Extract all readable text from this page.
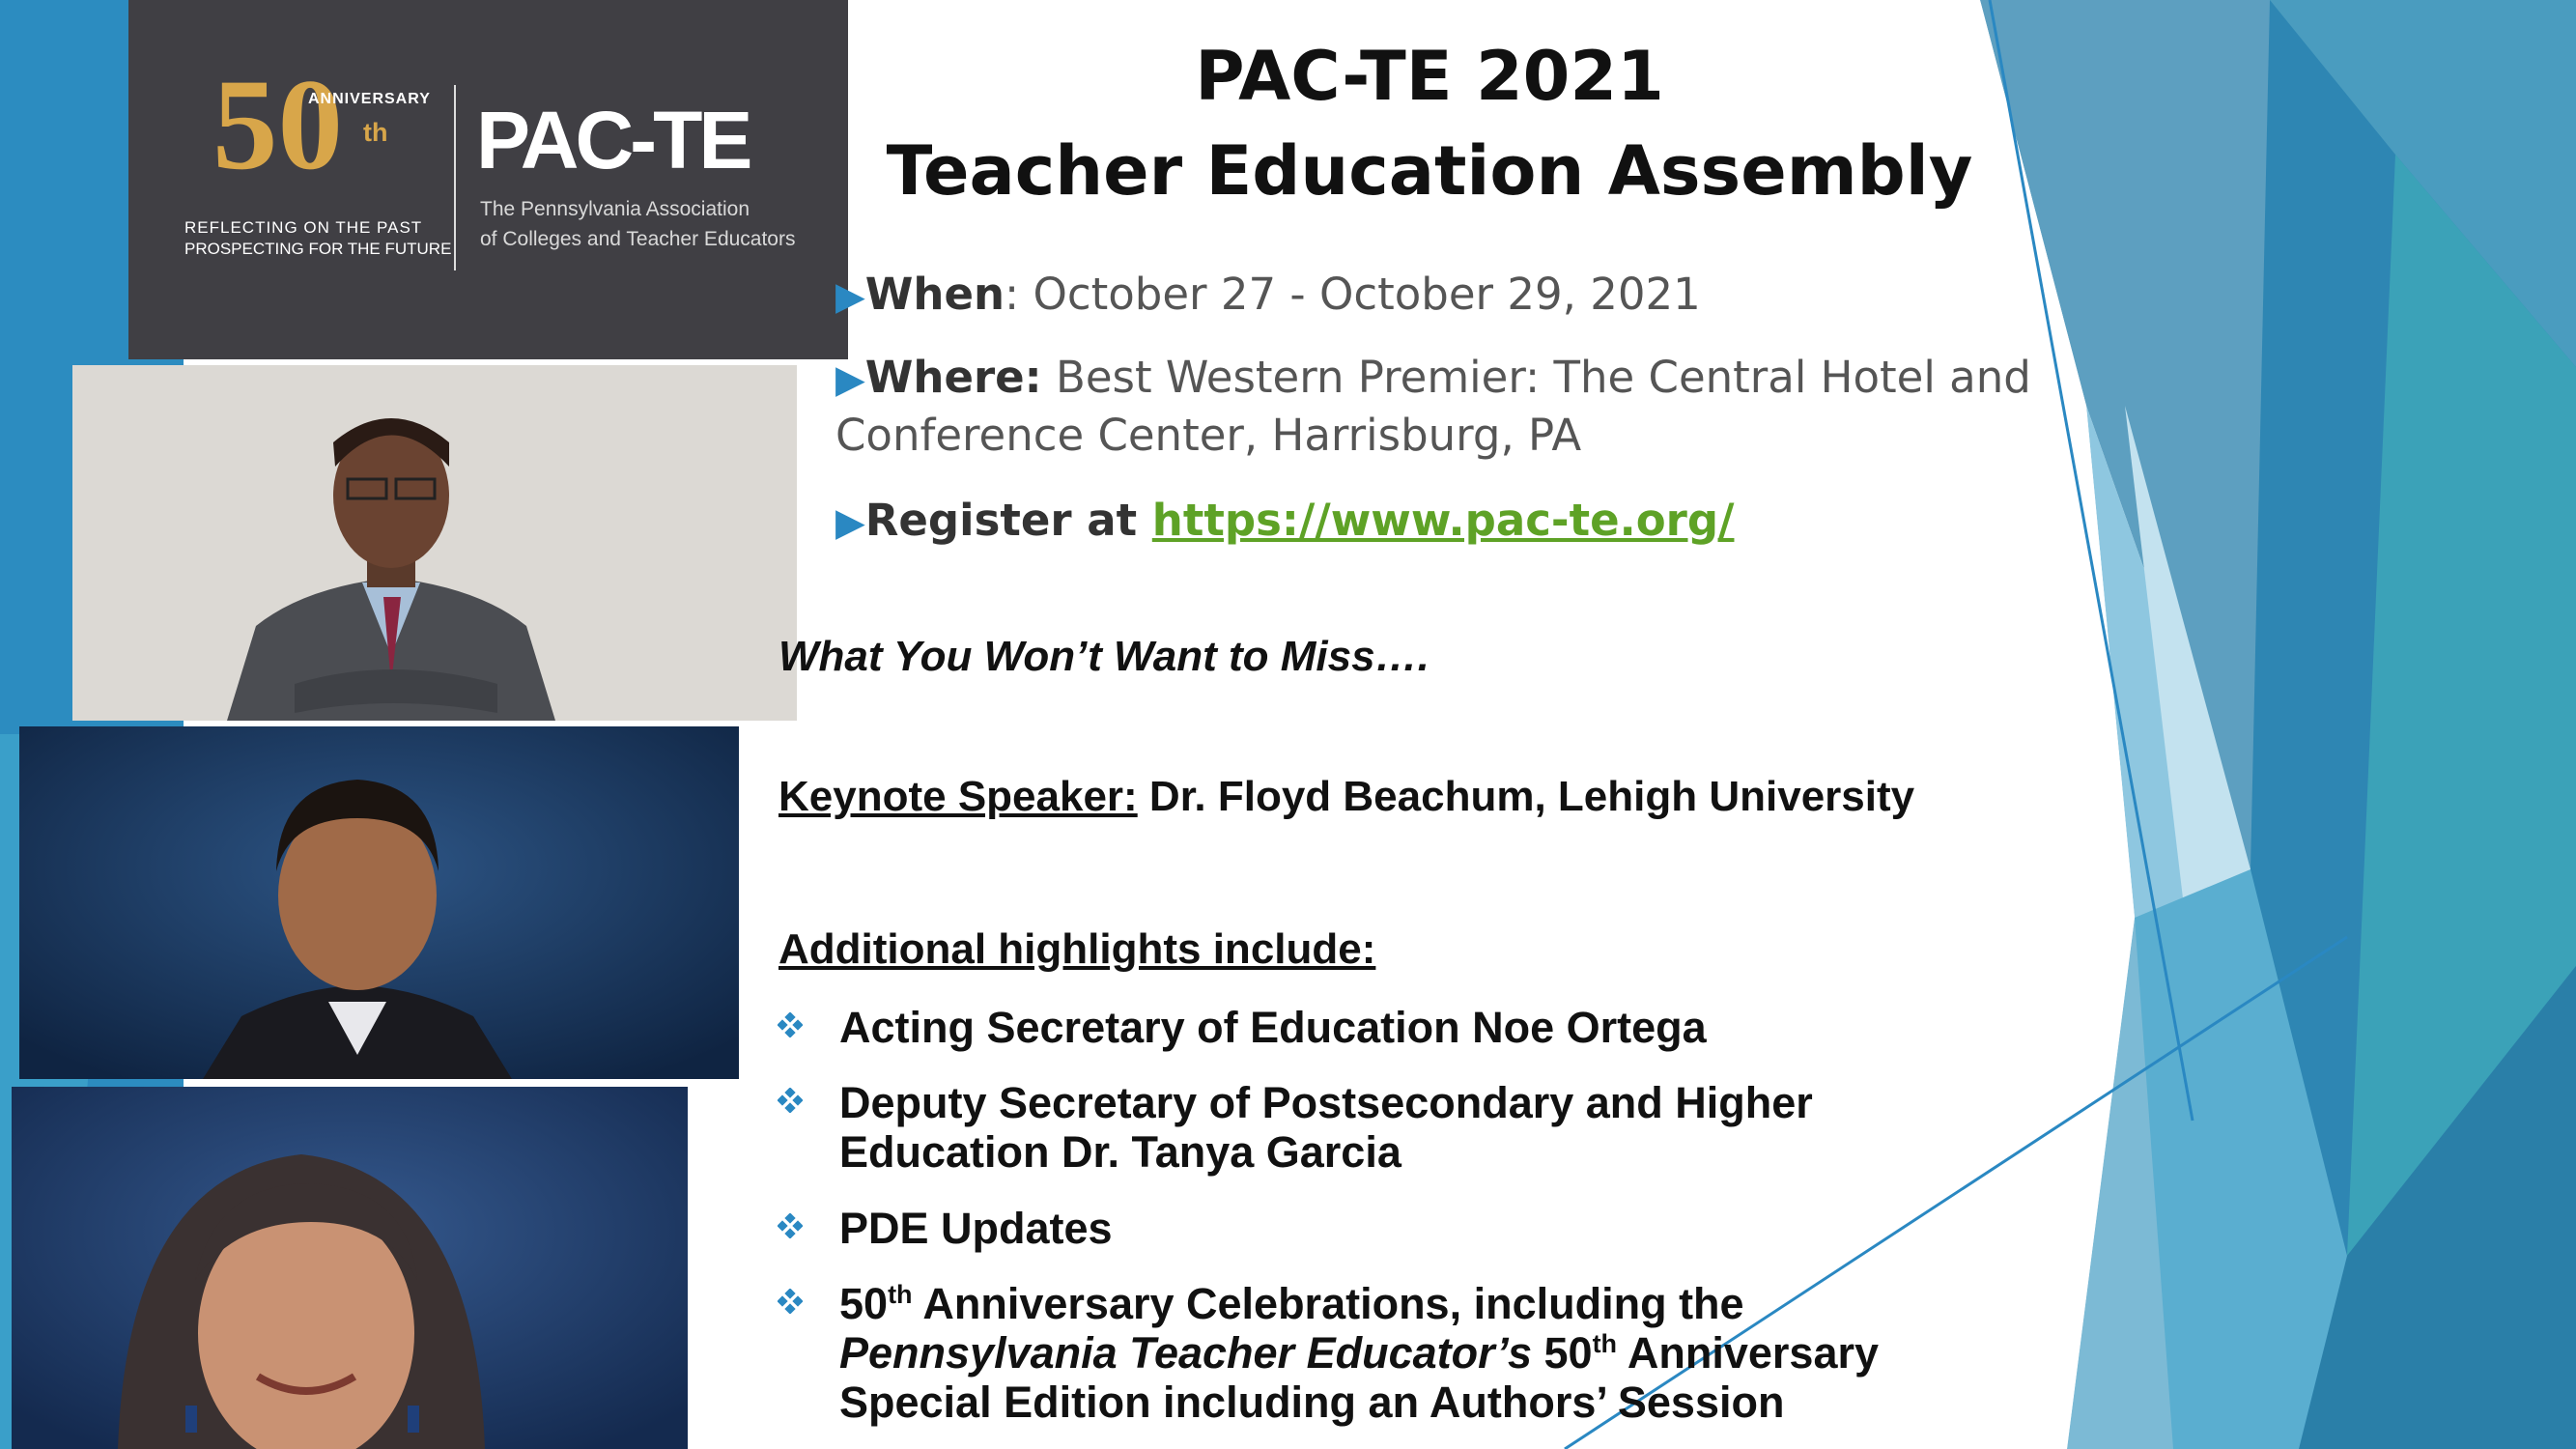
50 th
ANNIVERSARY
REFLECTING ON THE PAST
PROSPECTING FOR THE FUTURE
PAC-TE
The Pennsylvania Association
of Colleges and Teacher Educators
PAC-TE 2021
Teacher Education Assembly
▶When: October 27 - October 29, 2021
▶Where: Best Western Premier: The Central Hotel and
Conference Center, Harrisburg, PA
▶Register at https://www.pac-te.org/
What You Won’t Want to Miss….
Keynote Speaker: Dr. Floyd Beachum, Lehigh University
Additional highlights include:
Acting Secretary of Education Noe Ortega
Deputy Secretary of Postsecondary and Higher
Education Dr. Tanya Garcia
PDE Updates
50th Anniversary Celebrations, including the
Pennsylvania Teacher Educator’s 50th Anniversary
Special Edition including an Authors’ Session
